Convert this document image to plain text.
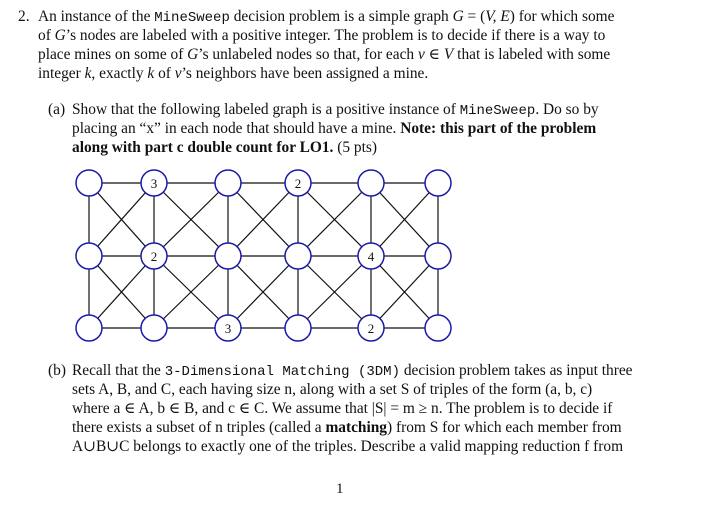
2. An instance of the MineSweep decision problem is a simple graph G = (V, E) for which some
of G’s nodes are labeled with a positive integer. The problem is to decide if there is a way to
place mines on some of G’s unlabeled nodes so that, for each v ∈ V that is labeled with some
integer k, exactly k of v’s neighbors have been assigned a mine.
(a) Show that the following labeled graph is a positive instance of MineSweep. Do so by
placing an “x” in each node that should have a mine. Note: this part of the problem
along with part c double count for LO1. (5 pts)
3	2
2	4
3	2
(b) Recall that the 3-Dimensional Matching (3DM) decision problem takes as input three
sets A, B, and C, each having size n, along with a set S of triples of the form (a, b, c)
where a ∈ A, b ∈ B, and c ∈ C. We assume that |S| = m ≥ n. The problem is to decide if
there exists a subset of n triples (called a matching) from S for which each member from
A∪B∪C belongs to exactly one of the triples. Describe a valid mapping reduction f from
1
